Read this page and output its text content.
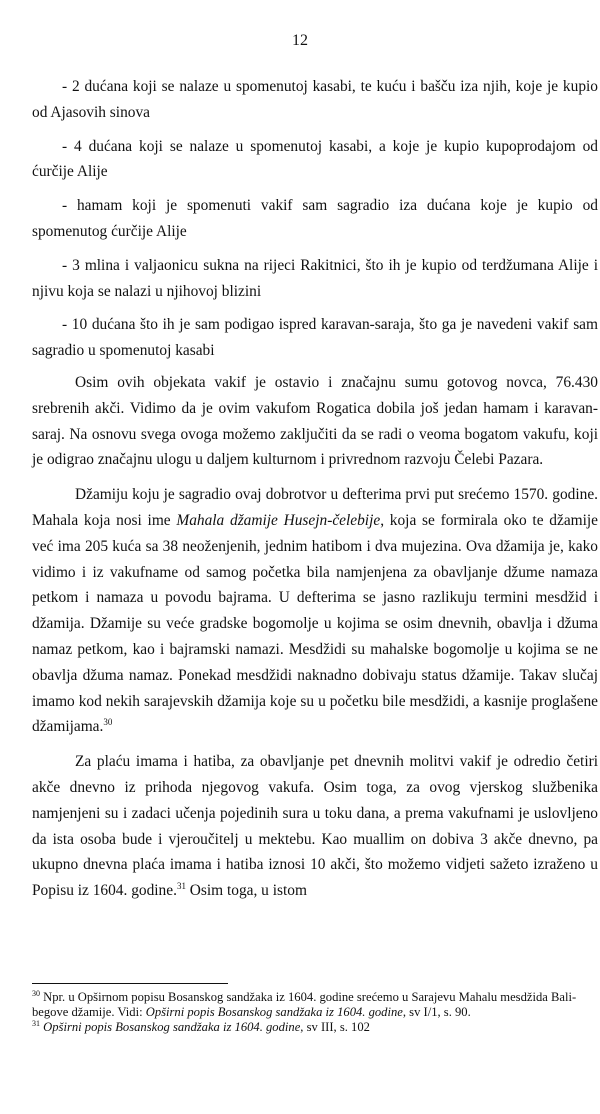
12

- 2 dućana koji se nalaze u spomenutoj kasabi, te kuću i bašču iza njih, koje je kupio od Ajasovih sinova

- 4 dućana koji se nalaze u spomenutoj kasabi, a koje je kupio kupoprodajom od ćurčije Alije

- hamam koji je spomenuti vakif sam sagradio iza dućana koje je kupio od spomenutog ćurčije Alije

- 3 mlina i valjaonicu sukna na rijeci Rakitnici, što ih je kupio od terdžumana Alije i njivu koja se nalazi u njihovoj blizini

- 10 dućana što ih je sam podigao ispred karavan-saraja, što ga je navedeni vakif sam sagradio u spomenutoj kasabi

Osim ovih objekata vakif je ostavio i značajnu sumu gotovog novca, 76.430 srebrenih akči. Vidimo da je ovim vakufom Rogatica dobila još jedan hamam i karavan-saraj. Na osnovu svega ovoga možemo zaključiti da se radi o veoma bogatom vakufu, koji je odigrao značajnu ulogu u daljem kulturnom i privrednom razvoju Čelebi Pazara.

Džamiju koju je sagradio ovaj dobrotvor u defterima prvi put srećemo 1570. godine. Mahala koja nosi ime Mahala džamije Husejn-čelebije, koja se formirala oko te džamije već ima 205 kuća sa 38 neoženjenih, jednim hatibom i dva mujezina. Ova džamija je, kako vidimo i iz vakufname od samog početka bila namjenjena za obavljanje džume namaza petkom i namaza u povodu bajrama. U defterima se jasno razlikuju termini mesdžid i džamija. Džamije su veće gradske bogomolje u kojima se osim dnevnih, obavlja i džuma namaz petkom, kao i bajramski namazi. Mesdžidi su mahalske bogomolje u kojima se ne obavlja džuma namaz. Ponekad mesdžidi naknadno dobivaju status džamije. Takav slučaj imamo kod nekih sarajevskih džamija koje su u početku bile mesdžidi, a kasnije proglašene džamijama.$^{30}$

Za plaću imama i hatiba, za obavljanje pet dnevnih molitvi vakif je odredio četiri akče dnevno iz prihoda njegovog vakufa. Osim toga, za ovog vjerskog službenika namjenjeni su i zadaci učenja pojedinih sura u toku dana, a prema vakufnami je uslovljeno da ista osoba bude i vjeroučitelj u mektebu. Kao muallim on dobiva 3 akče dnevno, pa ukupno dnevna plaća imama i hatiba iznosi 10 akči, što možemo vidjeti sažeto izraženo u Popisu iz 1604. godine.$^{31}$ Osim toga, u istom

$^{30}$ Npr. u Opširnom popisu Bosanskog sandžaka iz 1604. godine srećemo u Sarajevu Mahalu mesdžida Bali-begove džamije. Vidi: Opširni popis Bosanskog sandžaka iz 1604. godine, sv I/1, s. 90.

$^{31}$ Opširni popis Bosanskog sandžaka iz 1604. godine, sv III, s. 102
